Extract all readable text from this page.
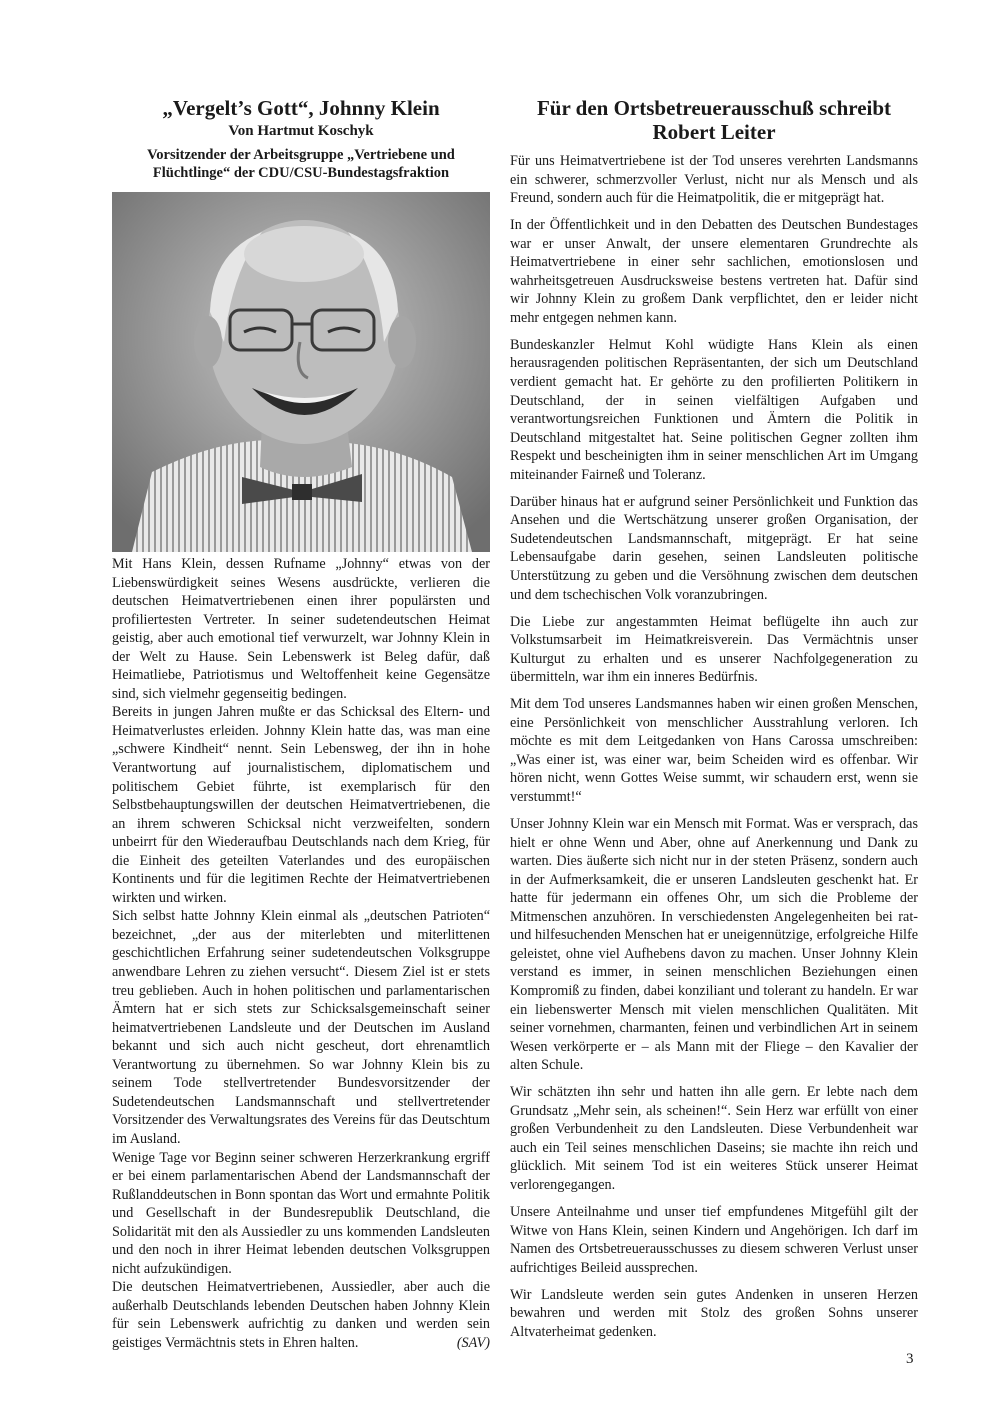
„Vergelt’s Gott“, Johnny Klein
Von Hartmut Koschyk
Vorsitzender der Arbeitsgruppe „Vertriebene und Flüchtlinge“ der CDU/CSU-Bundestagsfraktion

Mit Hans Klein, dessen Rufname „Johnny“ etwas von der Liebenswürdigkeit seines Wesens ausdrückte, verlieren die deutschen Heimatvertriebenen einen ihrer populärsten und profiliertesten Vertreter. In seiner sudetendeutschen Heimat geistig, aber auch emotional tief verwurzelt, war Johnny Klein in der Welt zu Hause. Sein Lebenswerk ist Beleg dafür, daß Heimatliebe, Patriotismus und Weltoffenheit keine Gegensätze sind, sich vielmehr gegenseitig bedingen.

Bereits in jungen Jahren mußte er das Schicksal des Eltern- und Heimatverlustes erleiden. Johnny Klein hatte das, was man eine „schwere Kindheit“ nennt. Sein Lebensweg, der ihn in hohe Verantwortung auf journalistischem, diplomatischem und politischem Gebiet führte, ist exemplarisch für den Selbstbehauptungswillen der deutschen Heimatvertriebenen, die an ihrem schweren Schicksal nicht verzweifelten, sondern unbeirrt für den Wiederaufbau Deutschlands nach dem Krieg, für die Einheit des geteilten Vaterlandes und des europäischen Kontinents und für die legitimen Rechte der Heimatvertriebenen wirkten und wirken.

Sich selbst hatte Johnny Klein einmal als „deutschen Patrioten“ bezeichnet, „der aus der miterlebten und miterlittenen geschichtlichen Erfahrung seiner sudetendeutschen Volksgruppe anwendbare Lehren zu ziehen versucht“. Diesem Ziel ist er stets treu geblieben. Auch in hohen politischen und parlamentarischen Ämtern hat er sich stets zur Schicksalsgemeinschaft seiner heimatvertriebenen Landsleute und der Deutschen im Ausland bekannt und sich auch nicht gescheut, dort ehrenamtlich Verantwortung zu übernehmen. So war Johnny Klein bis zu seinem Tode stellvertretender Bundesvorsitzender der Sudetendeutschen Landsmannschaft und stellvertretender Vorsitzender des Verwaltungsrates des Vereins für das Deutschtum im Ausland.

Wenige Tage vor Beginn seiner schweren Herzerkrankung ergriff er bei einem parlamentarischen Abend der Landsmannschaft der Rußlanddeutschen in Bonn spontan das Wort und ermahnte Politik und Gesellschaft in der Bundesrepublik Deutschland, die Solidarität mit den als Aussiedler zu uns kommenden Landsleuten und den noch in ihrer Heimat lebenden deutschen Volksgruppen nicht aufzukündigen.

Die deutschen Heimatvertriebenen, Aussiedler, aber auch die außerhalb Deutschlands lebenden Deutschen haben Johnny Klein für sein Lebenswerk aufrichtig zu danken und werden sein geistiges Vermächtnis stets in Ehren halten.	(SAV)

Für den Ortsbetreuerausschuß schreibt Robert Leiter

Für uns Heimatvertriebene ist der Tod unseres verehrten Landsmanns ein schwerer, schmerzvoller Verlust, nicht nur als Mensch und als Freund, sondern auch für die Heimatpolitik, die er mitgeprägt hat.

In der Öffentlichkeit und in den Debatten des Deutschen Bundestages war er unser Anwalt, der unsere elementaren Grundrechte als Heimatvertriebene in einer sehr sachlichen, emotionslosen und wahrheitsgetreuen Ausdrucksweise bestens vertreten hat. Dafür sind wir Johnny Klein zu großem Dank verpflichtet, den er leider nicht mehr entgegen nehmen kann.

Bundeskanzler Helmut Kohl wüdigte Hans Klein als einen herausragenden politischen Repräsentanten, der sich um Deutschland verdient gemacht hat. Er gehörte zu den profilierten Politikern in Deutschland, der in seinen vielfältigen Aufgaben und verantwortungsreichen Funktionen und Ämtern die Politik in Deutschland mitgestaltet hat. Seine politischen Gegner zollten ihm Respekt und bescheinigten ihm in seiner menschlichen Art im Umgang miteinander Fairneß und Toleranz.

Darüber hinaus hat er aufgrund seiner Persönlichkeit und Funktion das Ansehen und die Wertschätzung unserer großen Organisation, der Sudetendeutschen Landsmannschaft, mitgeprägt. Er hat seine Lebensaufgabe darin gesehen, seinen Landsleuten politische Unterstützung zu geben und die Versöhnung zwischen dem deutschen und dem tschechischen Volk voranzubringen.

Die Liebe zur angestammten Heimat beflügelte ihn auch zur Volkstumsarbeit im Heimatkreisverein. Das Vermächtnis unser Kulturgut zu erhalten und es unserer Nachfolgegeneration zu übermitteln, war ihm ein inneres Bedürfnis.

Mit dem Tod unseres Landsmannes haben wir einen großen Menschen, eine Persönlichkeit von menschlicher Ausstrahlung verloren. Ich möchte es mit dem Leitgedanken von Hans Carossa umschreiben: „Was einer ist, was einer war, beim Scheiden wird es offenbar. Wir hören nicht, wenn Gottes Weise summt, wir schaudern erst, wenn sie verstummt!“

Unser Johnny Klein war ein Mensch mit Format. Was er versprach, das hielt er ohne Wenn und Aber, ohne auf Anerkennung und Dank zu warten. Dies äußerte sich nicht nur in der steten Präsenz, sondern auch in der Aufmerksamkeit, die er unseren Landsleuten geschenkt hat. Er hatte für jedermann ein offenes Ohr, um sich die Probleme der Mitmenschen anzuhören. In verschiedensten Angelegenheiten bei rat- und hilfesuchenden Menschen hat er uneigennützige, erfolgreiche Hilfe geleistet, ohne viel Aufhebens davon zu machen. Unser Johnny Klein verstand es immer, in seinen menschlichen Beziehungen einen Kompromiß zu finden, dabei konziliant und tolerant zu handeln. Er war ein liebenswerter Mensch mit vielen menschlichen Qualitäten. Mit seiner vornehmen, charmanten, feinen und verbindlichen Art in seinem Wesen verkörperte er – als Mann mit der Fliege – den Kavalier der alten Schule.

Wir schätzten ihn sehr und hatten ihn alle gern. Er lebte nach dem Grundsatz „Mehr sein, als scheinen!“. Sein Herz war erfüllt von einer großen Verbundenheit zu den Landsleuten. Diese Verbundenheit war auch ein Teil seines menschlichen Daseins; sie machte ihn reich und glücklich. Mit seinem Tod ist ein weiteres Stück unserer Heimat verlorengegangen.

Unsere Anteilnahme und unser tief empfundenes Mitgefühl gilt der Witwe von Hans Klein, seinen Kindern und Angehörigen. Ich darf im Namen des Ortsbetreuerausschusses zu diesem schweren Verlust unser aufrichtiges Beileid aussprechen.

Wir Landsleute werden sein gutes Andenken in unseren Herzen bewahren und werden mit Stolz des großen Sohns unserer Altvaterheimat gedenken.

3
